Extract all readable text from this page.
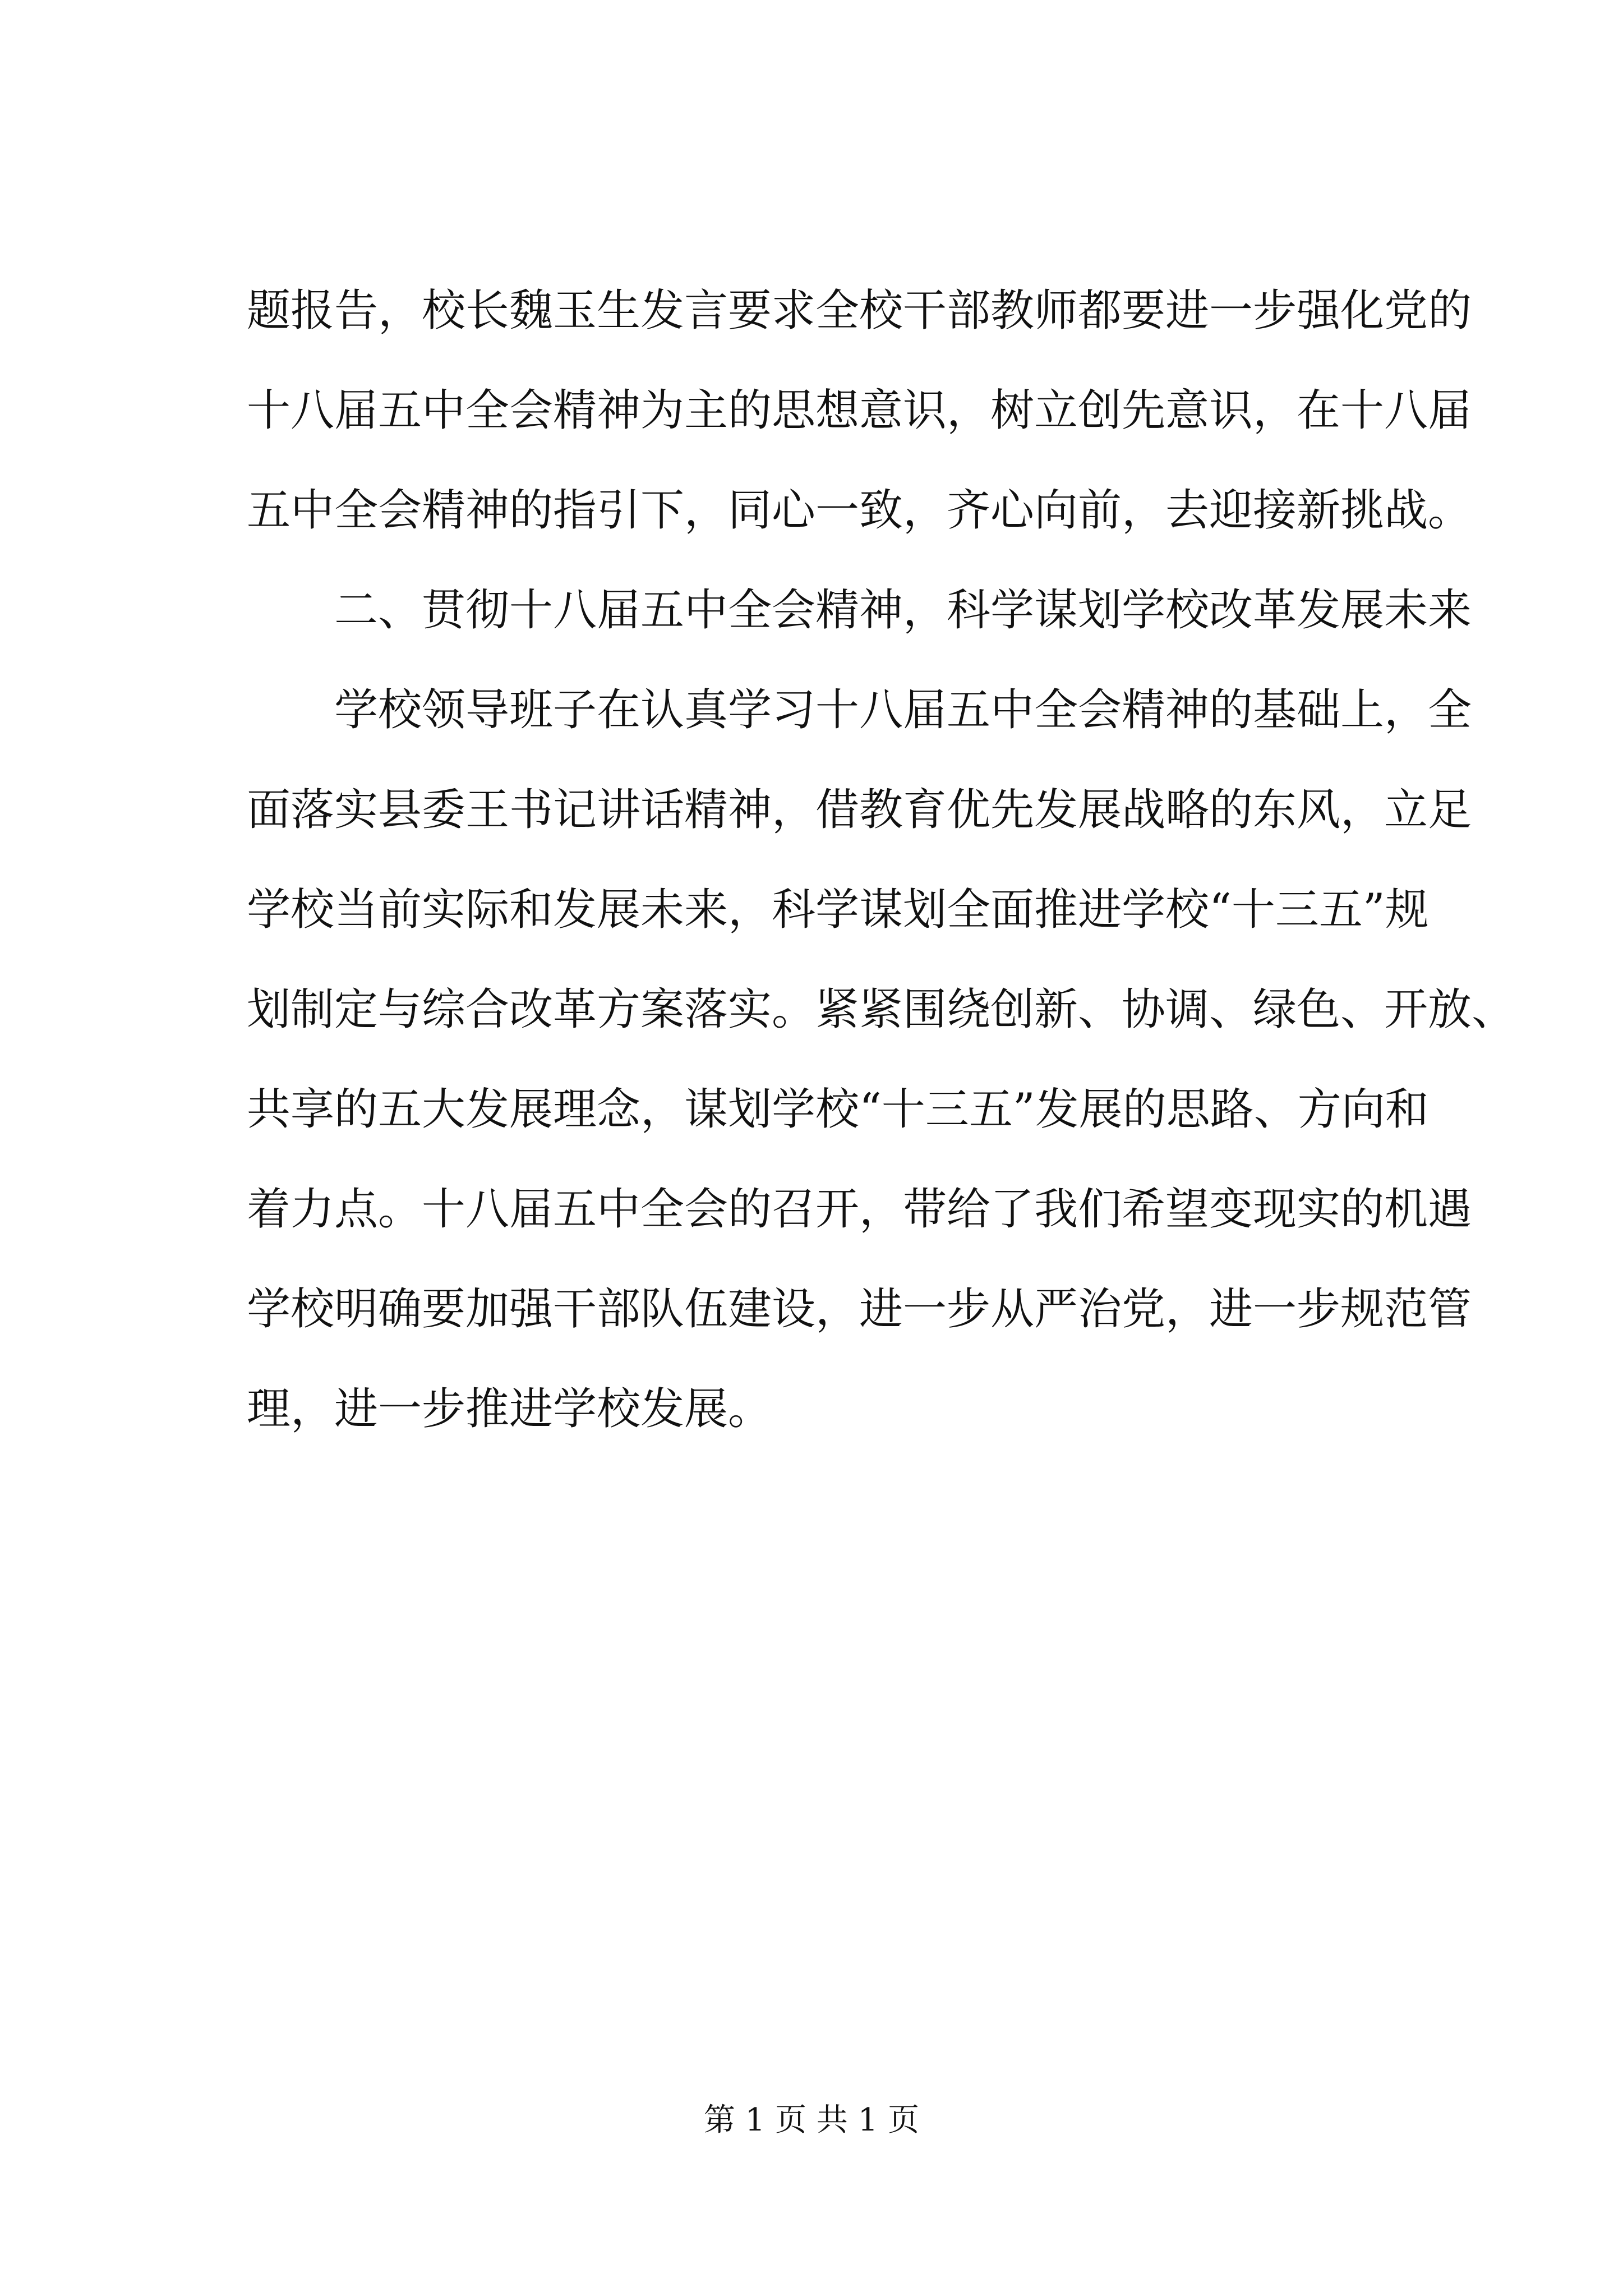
题报告，校长魏玉生发言要求全校干部教师都要进一步强化党的
十八届五中全会精神为主的思想意识，树立创先意识，在十八届
五中全会精神的指引下，同心一致，齐心向前，去迎接新挑战。
二、贯彻十八届五中全会精神，科学谋划学校改革发展未来
学校领导班子在认真学习十八届五中全会精神的基础上，全
面落实县委王书记讲话精神，借教育优先发展战略的东风，立足
学校当前实际和发展未来，科学谋划全面推进学校“十三五”规
划制定与综合改革方案落实。紧紧围绕创新、协调、绿色、开放、
共享的五大发展理念，谋划学校“十三五”发展的思路、方向和
着力点。十八届五中全会的召开，带给了我们希望变现实的机遇
学校明确要加强干部队伍建设，进一步从严治党，进一步规范管
理，进一步推进学校发展。
第 1 页 共 1 页
